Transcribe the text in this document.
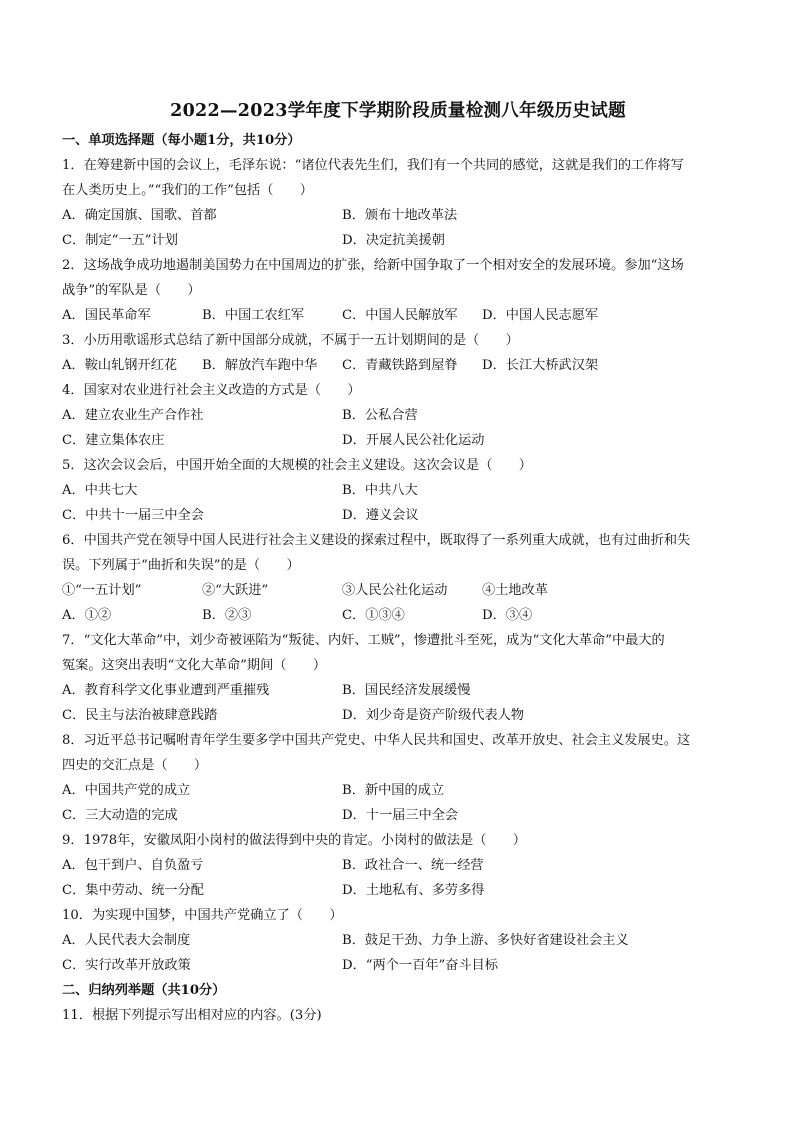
2022—2023学年度下学期阶段质量检测八年级历史试题
一、单项选择题（每小题1分，共10分）
1．在筹建新中国的会议上，毛泽东说：“诸位代表先生们，我们有一个共同的感觉，这就是我们的工作将写
在人类历史上。”“我们的工作”包括（　　）
A．确定国旗、国歌、首都	B．颁布十地改革法
C．制定“一五”计划	D．决定抗美援朝
2．这场战争成功地遏制美国势力在中国周边的扩张，给新中国争取了一个相对安全的发展环境。参加“这场
战争”的军队是（　　）
A．国民革命军	B．中国工农红军	C．中国人民解放军 D．中国人民志愿军
3．小历用歌谣形式总结了新中国部分成就，不属于一五计划期间的是（　　）
A．鞍山轧钢开红花 B．解放汽车跑中华 C．青藏铁路到屋脊 D．长江大桥武汉架
4．国家对农业进行社会主义改造的方式是（　　）
A．建立农业生产合作社	B．公私合营
C．建立集体农庄	D．开展人民公社化运动
5．这次会议会后，中国开始全面的大规模的社会主义建设。这次会议是（　　）
A．中共七大	B．中共八大
C．中共十一届三中全会	D．遵义会议
6．中国共产党在领导中国人民进行社会主义建设的探索过程中，既取得了一系列重大成就，也有过曲折和失
误。下列属于“曲折和失误”的是（　　）
①“一五计划”	②“大跃进”	③人民公社化运动	④土地改革
A．①②	B．②③	C．①③④	D．③④
7．“文化大革命”中，刘少奇被诬陷为“叛徒、内奸、工贼”，惨遭批斗至死，成为“文化大革命”中最大的
冤案。这突出表明“文化大革命”期间（　　）
A．教育科学文化事业遭到严重摧残	B．国民经济发展缓慢
C．民主与法治被肆意践踏	D．刘少奇是资产阶级代表人物
8．习近平总书记嘱咐青年学生要多学中国共产党史、中华人民共和国史、改革开放史、社会主义发展史。这
四史的交汇点是（　　）
A．中国共产党的成立	B．新中国的成立
C．三大动造的完成	D．十一届三中全会
9．1978年，安徽凤阳小岗村的做法得到中央的肯定。小岗村的做法是（　　）
A．包干到户、自负盈亏	B．政社合一、统一经营
C．集中劳动、统一分配	D．土地私有、多劳多得
10．为实现中国梦，中国共产党确立了（　　）
A．人民代表大会制度	B．鼓足干劲、力争上游、多快好省建设社会主义
C．实行改革开放政策	D．“两个一百年”奋斗目标
二、归纳列举题（共10分）
11．根据下列提示写出相对应的内容。(3分)
